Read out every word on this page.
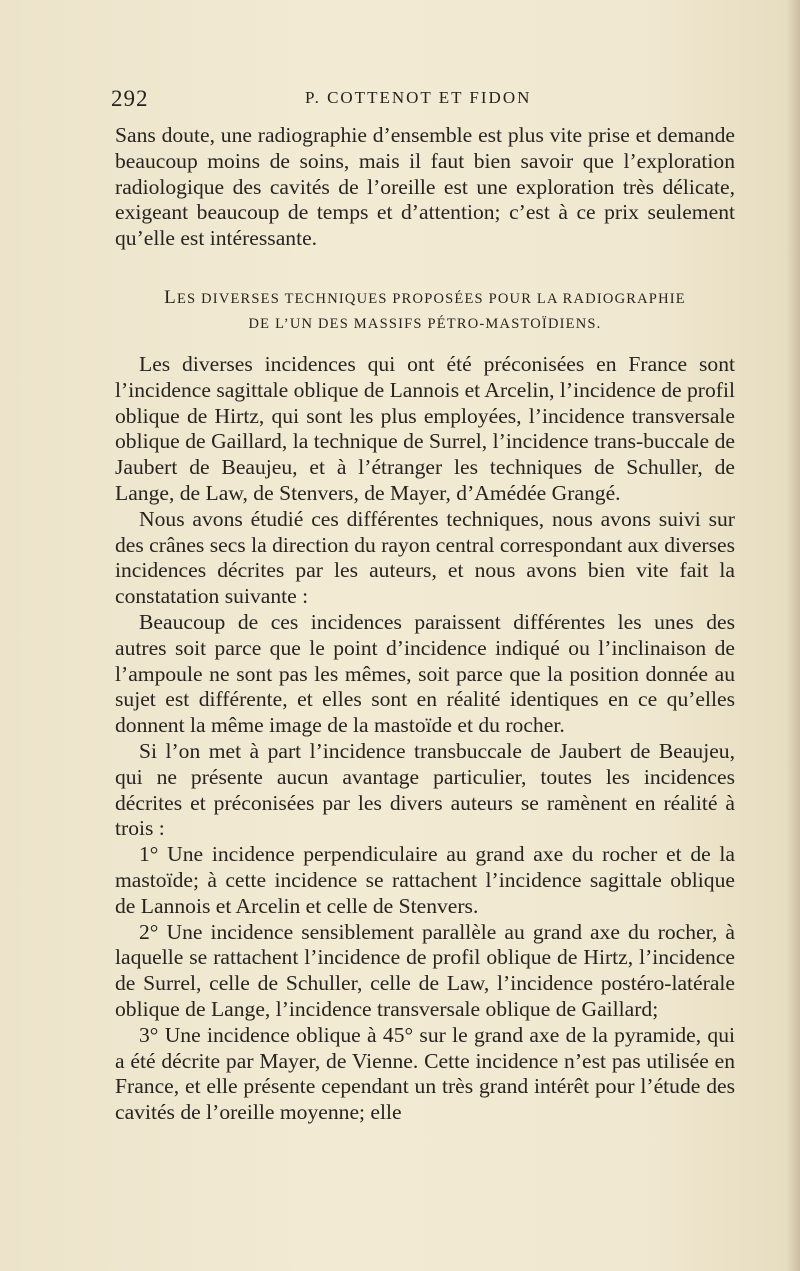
292	P. COTTENOT ET FIDON

Sans doute, une radiographie d’ensemble est plus vite prise et demande beaucoup moins de soins, mais il faut bien savoir que l’exploration radiologique des cavités de l’oreille est une exploration très délicate, exigeant beaucoup de temps et d’attention; c’est à ce prix seulement qu’elle est intéressante.

LES DIVERSES TECHNIQUES PROPOSÉES POUR LA RADIOGRAPHIE
DE L’UN DES MASSIFS PÉTRO-MASTOÏDIENS.

Les diverses incidences qui ont été préconisées en France sont l’incidence sagittale oblique de Lannois et Arcelin, l’incidence de profil oblique de Hirtz, qui sont les plus employées, l’incidence transversale oblique de Gaillard, la technique de Surrel, l’incidence trans-buccale de Jaubert de Beaujeu, et à l’étranger les techniques de Schuller, de Lange, de Law, de Stenvers, de Mayer, d’Amédée Grangé.

Nous avons étudié ces différentes techniques, nous avons suivi sur des crânes secs la direction du rayon central correspondant aux diverses incidences décrites par les auteurs, et nous avons bien vite fait la constatation suivante :

Beaucoup de ces incidences paraissent différentes les unes des autres soit parce que le point d’incidence indiqué ou l’inclinaison de l’ampoule ne sont pas les mêmes, soit parce que la position donnée au sujet est différente, et elles sont en réalité identiques en ce qu’elles donnent la même image de la mastoïde et du rocher.

Si l’on met à part l’incidence transbuccale de Jaubert de Beaujeu, qui ne présente aucun avantage particulier, toutes les incidences décrites et préconisées par les divers auteurs se ramènent en réalité à trois :

1° Une incidence perpendiculaire au grand axe du rocher et de la mastoïde; à cette incidence se rattachent l’incidence sagittale oblique de Lannois et Arcelin et celle de Stenvers.

2° Une incidence sensiblement parallèle au grand axe du rocher, à laquelle se rattachent l’incidence de profil oblique de Hirtz, l’incidence de Surrel, celle de Schuller, celle de Law, l’incidence postéro-latérale oblique de Lange, l’incidence transversale oblique de Gaillard;

3° Une incidence oblique à 45° sur le grand axe de la pyramide, qui a été décrite par Mayer, de Vienne. Cette incidence n’est pas utilisée en France, et elle présente cependant un très grand intérêt pour l’étude des cavités de l’oreille moyenne; elle
